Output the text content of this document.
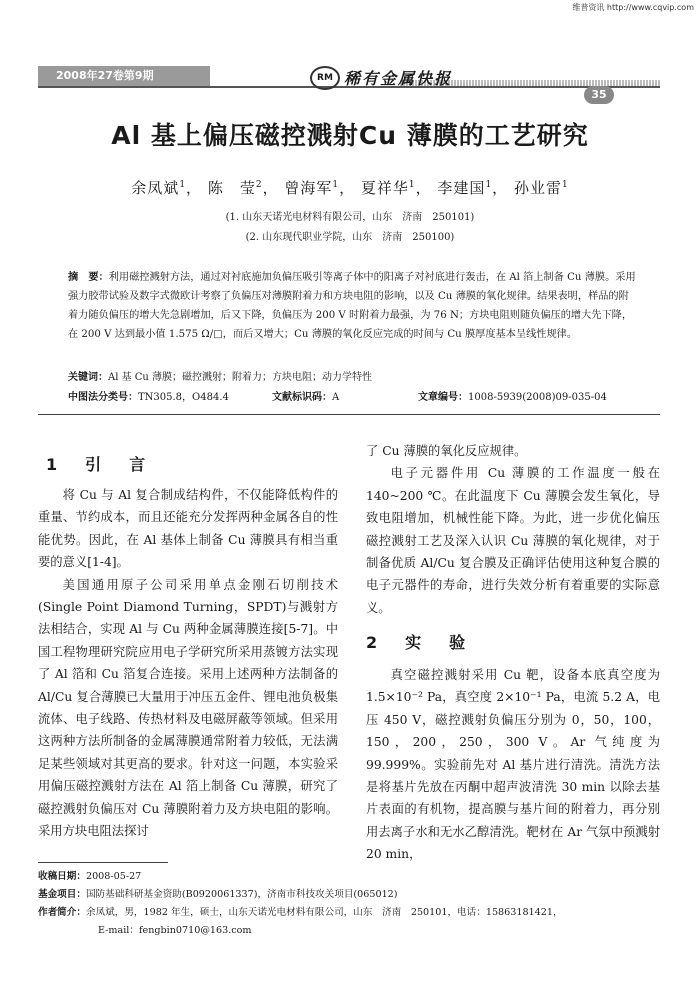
维普资讯 http://www.cqvip.com
2008年27卷第9期	RM 稀有金属快报
35
Al 基上偏压磁控溅射Cu 薄膜的工艺研究
余凤斌$^1$， 陈　莹$^2$， 曾海军$^1$， 夏祥华$^1$， 李建国$^1$， 孙业雷$^1$
(1. 山东天诺光电材料有限公司，山东　济南　250101)
(2. 山东现代职业学院，山东　济南　250100)
摘　要：利用磁控溅射方法，通过对衬底施加负偏压吸引等离子体中的阳离子对衬底进行轰击，在 Al 箔上制备 Cu 薄膜。采用强力胶带试验及数字式微欧计考察了负偏压对薄膜附着力和方块电阻的影响，以及 Cu 薄膜的氧化规律。结果表明，样品的附着力随负偏压的增大先急剧增加，后又下降，负偏压为 200 V 时附着力最强，为 76 N；方块电阻则随负偏压的增大先下降，在 200 V 达到最小值 1.575 Ω/□，而后又增大；Cu 薄膜的氧化反应完成的时间与 Cu 膜厚度基本呈线性规律。
关键词：Al 基 Cu 薄膜；磁控溅射；附着力；方块电阻；动力学特性
中图法分类号：TN305.8，O484.4	文献标识码：A	文章编号：1008-5939(2008)09-035-04
1　引　言

将 Cu 与 Al 复合制成结构件，不仅能降低构件的重量、节约成本，而且还能充分发挥两种金属各自的性能优势。因此，在 Al 基体上制备 Cu 薄膜具有相当重要的意义[1-4]。

美国通用原子公司采用单点金刚石切削技术(Single Point Diamond Turning，SPDT)与溅射方法相结合，实现 Al 与 Cu 两种金属薄膜连接[5-7]。中国工程物理研究院应用电子学研究所采用蒸镀方法实现了 Al 箔和 Cu 箔复合连接。采用上述两种方法制备的 Al/Cu 复合薄膜已大量用于冲压五金件、锂电池负极集流体、电子线路、传热材料及电磁屏蔽等领域。但采用这两种方法所制备的金属薄膜通常附着力较低，无法满足某些领域对其更高的要求。针对这一问题，本实验采用偏压磁控溅射方法在 Al 箔上制备 Cu 薄膜，研究了磁控溅射负偏压对 Cu 薄膜附着力及方块电阻的影响。采用方块电阻法探讨

了 Cu 薄膜的氧化反应规律。

电子元器件用 Cu 薄膜的工作温度一般在 140~200 ℃。在此温度下 Cu 薄膜会发生氧化，导致电阻增加，机械性能下降。为此，进一步优化偏压磁控溅射工艺及深入认识 Cu 薄膜的氧化规律，对于制备优质 Al/Cu 复合膜及正确评估使用这种复合膜的电子元器件的寿命，进行失效分析有着重要的实际意义。

2　实　验

真空磁控溅射采用 Cu 靶，设备本底真空度为 1.5×10⁻² Pa，真空度 2×10⁻¹ Pa，电流 5.2 A，电压 450 V，磁控溅射负偏压分别为 0，50，100，150，200，250，300 V。Ar 气纯度为 99.999%。实验前先对 Al 基片进行清洗。清洗方法是将基片先放在丙酮中超声波清洗 30 min 以除去基片表面的有机物，提高膜与基片间的附着力，再分别用去离子水和无水乙醇清洗。靶材在 Ar 气氛中预溅射 20 min，

收稿日期：2008-05-27
基金项目：国防基础科研基金资助(B0920061337)，济南市科技攻关项目(065012)
作者简介：余凤斌，男，1982 年生，硕士，山东天诺光电材料有限公司，山东　济南　250101，电话：15863181421，
E-mail：fengbin0710@163.com
